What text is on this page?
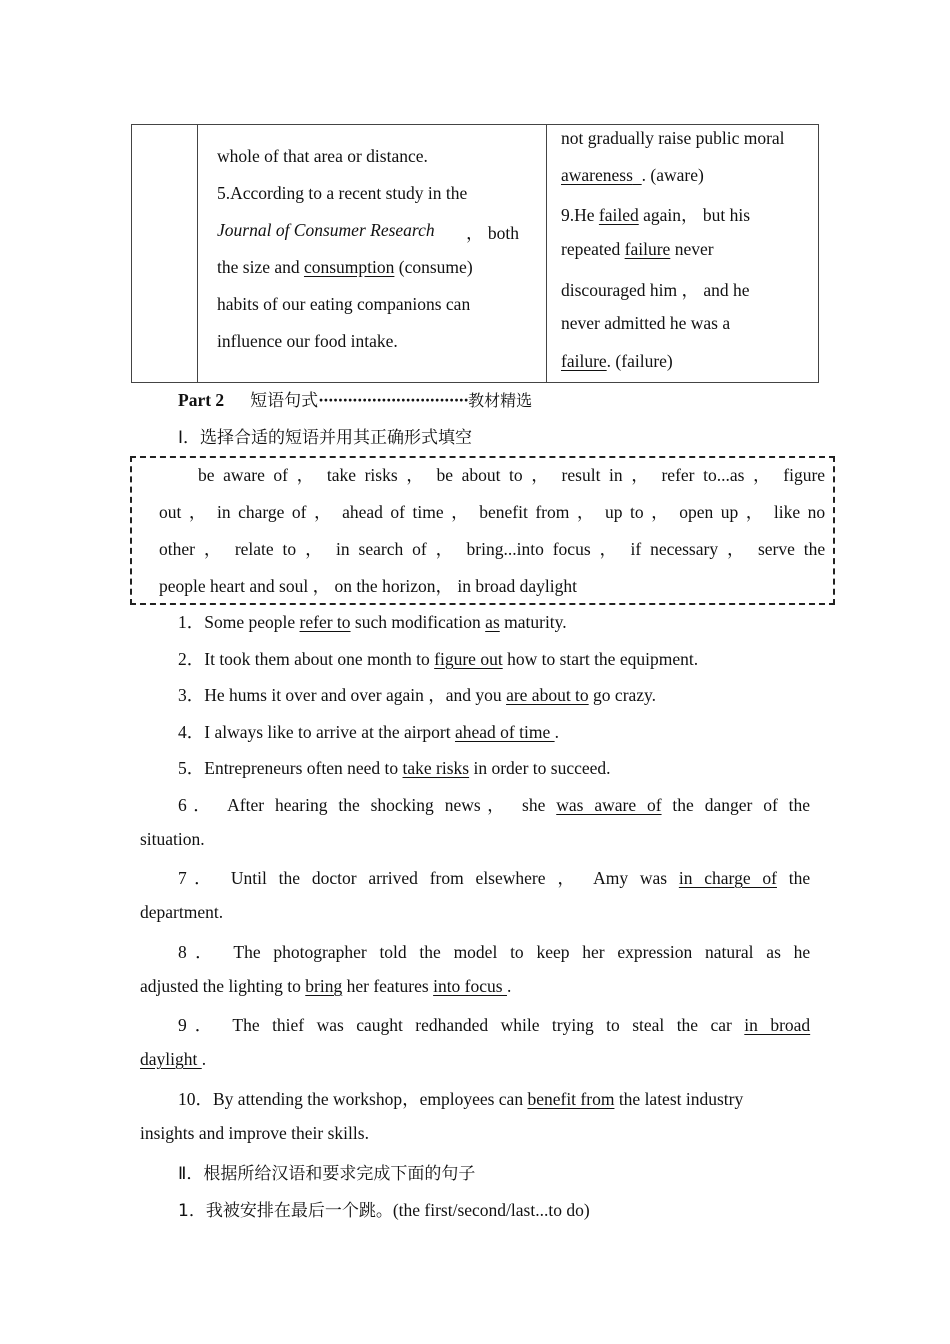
whole of that area or distance.
5.According to a recent study in the
Journal of Consumer Research ， both
the size and consumption (consume)
habits of our eating companions can
influence our food intake.
not gradually raise public moral
awareness . (aware)
9.He failed again， but his
repeated failure never
discouraged him ， and he
never admitted he was a
failure. (failure)
Part 2 短语句式·······························教材精选
Ⅰ．选择合适的短语并用其正确形式填空
be aware of ， take risks ， be about to ， result in ， refer to...as ， figure
out ， in charge of ， ahead of time ， benefit from ， up to ， open up ， like no
other ， relate to ， in search of ， bring...into focus ， if necessary ， serve the
people heart and soul ， on the horizon， in broad daylight
1．Some people refer to such modification as maturity.
2．It took them about one month to figure out how to start the equipment.
3．He hums it over and over again ，and you are about to go crazy.
4．I always like to arrive at the airport ahead of time .
5．Entrepreneurs often need to take risks in order to succeed.
6． After hearing the shocking news， she was aware of the danger of the
situation.
7． Until the doctor arrived from elsewhere ， Amy was in charge of the
department.
8． The photographer told the model to keep her expression natural as he
adjusted the lighting to bring her features into focus .
9． The thief was caught redhanded while trying to steal the car in broad
daylight .
10．By attending the workshop，employees can benefit from the latest industry
insights and improve their skills.
Ⅱ．根据所给汉语和要求完成下面的句子
1．我被安排在最后一个跳。(the first/second/last...to do)
